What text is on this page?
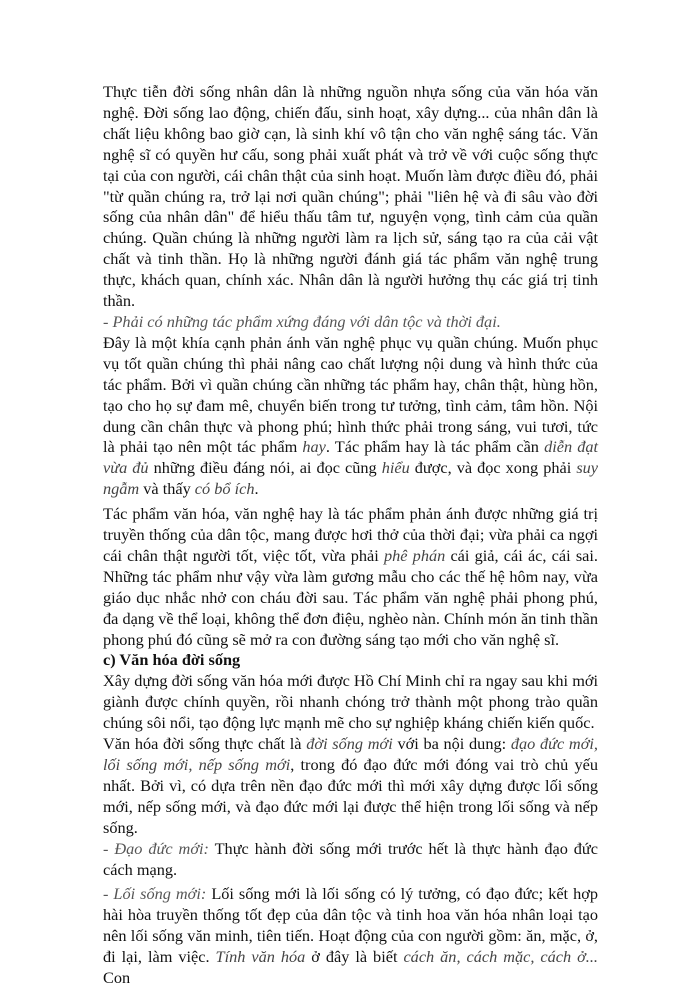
Thực tiễn đời sống nhân dân là những nguồn nhựa sống của văn hóa văn nghệ. Đời sống lao động, chiến đấu, sinh hoạt, xây dựng... của nhân dân là chất liệu không bao giờ cạn, là sinh khí vô tận cho văn nghệ sáng tác. Văn nghệ sĩ có quyền hư cấu, song phải xuất phát và trở về với cuộc sống thực tại của con người, cái chân thật của sinh hoạt. Muốn làm được điều đó, phải "từ quần chúng ra, trở lại nơi quần chúng"; phải "liên hệ và đi sâu vào đời sống của nhân dân" để hiểu thấu tâm tư, nguyện vọng, tình cảm của quần chúng. Quần chúng là những người làm ra lịch sử, sáng tạo ra của cải vật chất và tinh thần. Họ là những người đánh giá tác phẩm văn nghệ trung thực, khách quan, chính xác. Nhân dân là người hưởng thụ các giá trị tinh thần.

- Phải có những tác phẩm xứng đáng với dân tộc và thời đại.

Đây là một khía cạnh phản ánh văn nghệ phục vụ quần chúng. Muốn phục vụ tốt quần chúng thì phải nâng cao chất lượng nội dung và hình thức của tác phẩm. Bởi vì quần chúng cần những tác phẩm hay, chân thật, hùng hồn, tạo cho họ sự đam mê, chuyển biến trong tư tưởng, tình cảm, tâm hồn. Nội dung cần chân thực và phong phú; hình thức phải trong sáng, vui tươi, tức là phải tạo nên một tác phẩm hay. Tác phẩm hay là tác phẩm cần diễn đạt vừa đủ những điều đáng nói, ai đọc cũng hiểu được, và đọc xong phải suy ngẫm và thấy có bổ ích.

Tác phẩm văn hóa, văn nghệ hay là tác phẩm phản ánh được những giá trị truyền thống của dân tộc, mang được hơi thở của thời đại; vừa phải ca ngợi cái chân thật người tốt, việc tốt, vừa phải phê phán cái giả, cái ác, cái sai. Những tác phẩm như vậy vừa làm gương mẫu cho các thế hệ hôm nay, vừa giáo dục nhắc nhở con cháu đời sau. Tác phẩm văn nghệ phải phong phú, đa dạng về thể loại, không thể đơn điệu, nghèo nàn. Chính món ăn tinh thần phong phú đó cũng sẽ mở ra con đường sáng tạo mới cho văn nghệ sĩ.

c) Văn hóa đời sống

Xây dựng đời sống văn hóa mới được Hồ Chí Minh chỉ ra ngay sau khi mới giành được chính quyền, rồi nhanh chóng trở thành một phong trào quần chúng sôi nổi, tạo động lực mạnh mẽ cho sự nghiệp kháng chiến kiến quốc.

Văn hóa đời sống thực chất là đời sống mới với ba nội dung: đạo đức mới, lối sống mới, nếp sống mới, trong đó đạo đức mới đóng vai trò chủ yếu nhất. Bởi vì, có dựa trên nền đạo đức mới thì mới xây dựng được lối sống mới, nếp sống mới, và đạo đức mới lại được thể hiện trong lối sống và nếp sống.

- Đạo đức mới: Thực hành đời sống mới trước hết là thực hành đạo đức cách mạng.

- Lối sống mới: Lối sống mới là lối sống có lý tưởng, có đạo đức; kết hợp hài hòa truyền thống tốt đẹp của dân tộc và tinh hoa văn hóa nhân loại tạo nên lối sống văn minh, tiên tiến. Hoạt động của con người gồm: ăn, mặc, ở, đi lại, làm việc. Tính văn hóa ở đây là biết cách ăn, cách mặc, cách ở... Con
